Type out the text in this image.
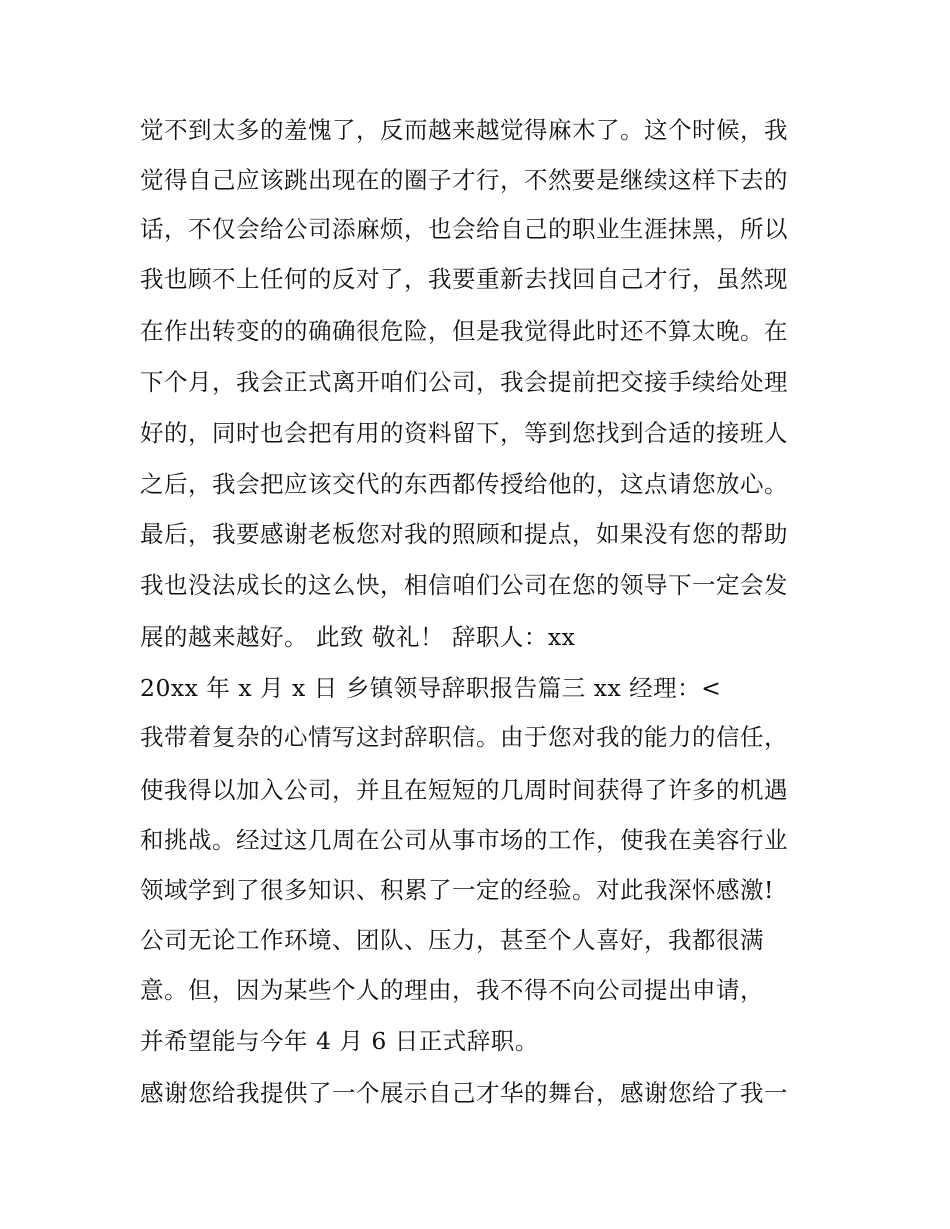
觉不到太多的羞愧了，反而越来越觉得麻木了。这个时候，我
觉得自己应该跳出现在的圈子才行，不然要是继续这样下去的
话，不仅会给公司添麻烦，也会给自己的职业生涯抹黑，所以
我也顾不上任何的反对了，我要重新去找回自己才行，虽然现
在作出转变的的确确很危险，但是我觉得此时还不算太晚。在
下个月，我会正式离开咱们公司，我会提前把交接手续给处理
好的，同时也会把有用的资料留下，等到您找到合适的接班人
之后，我会把应该交代的东西都传授给他的，这点请您放心。
最后，我要感谢老板您对我的照顾和提点，如果没有您的帮助
我也没法成长的这么快，相信咱们公司在您的领导下一定会发
展的越来越好。 此致 敬礼！ 辞职人：xx
20xx 年 x 月 x 日 乡镇领导辞职报告篇三 xx 经理：<
我带着复杂的心情写这封辞职信。由于您对我的能力的信任，
使我得以加入公司，并且在短短的几周时间获得了许多的机遇
和挑战。经过这几周在公司从事市场的工作，使我在美容行业
领域学到了很多知识、积累了一定的经验。对此我深怀感激!
公司无论工作环境、团队、压力，甚至个人喜好，我都很满
意。但，因为某些个人的理由，我不得不向公司提出申请，
并希望能与今年 4 月 6 日正式辞职。
感谢您给我提供了一个展示自己才华的舞台，感谢您给了我一
